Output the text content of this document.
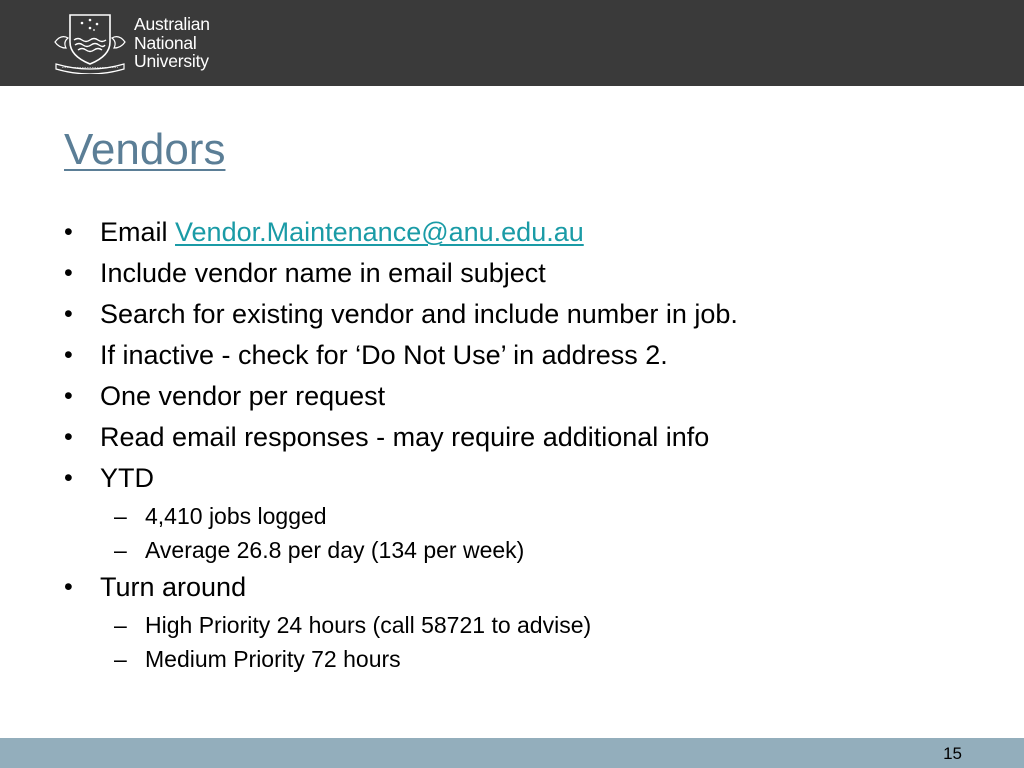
Australian
National
University
Vendors
• Email Vendor.Maintenance@anu.edu.au
• Include vendor name in email subject
• Search for existing vendor and include number in job.
• If inactive - check for ‘Do Not Use’ in address 2.
• One vendor per request
• Read email responses - may require additional info
• YTD
– 4,410 jobs logged
– Average 26.8 per day (134 per week)
• Turn around
– High Priority 24 hours (call 58721 to advise)
– Medium Priority 72 hours
15
